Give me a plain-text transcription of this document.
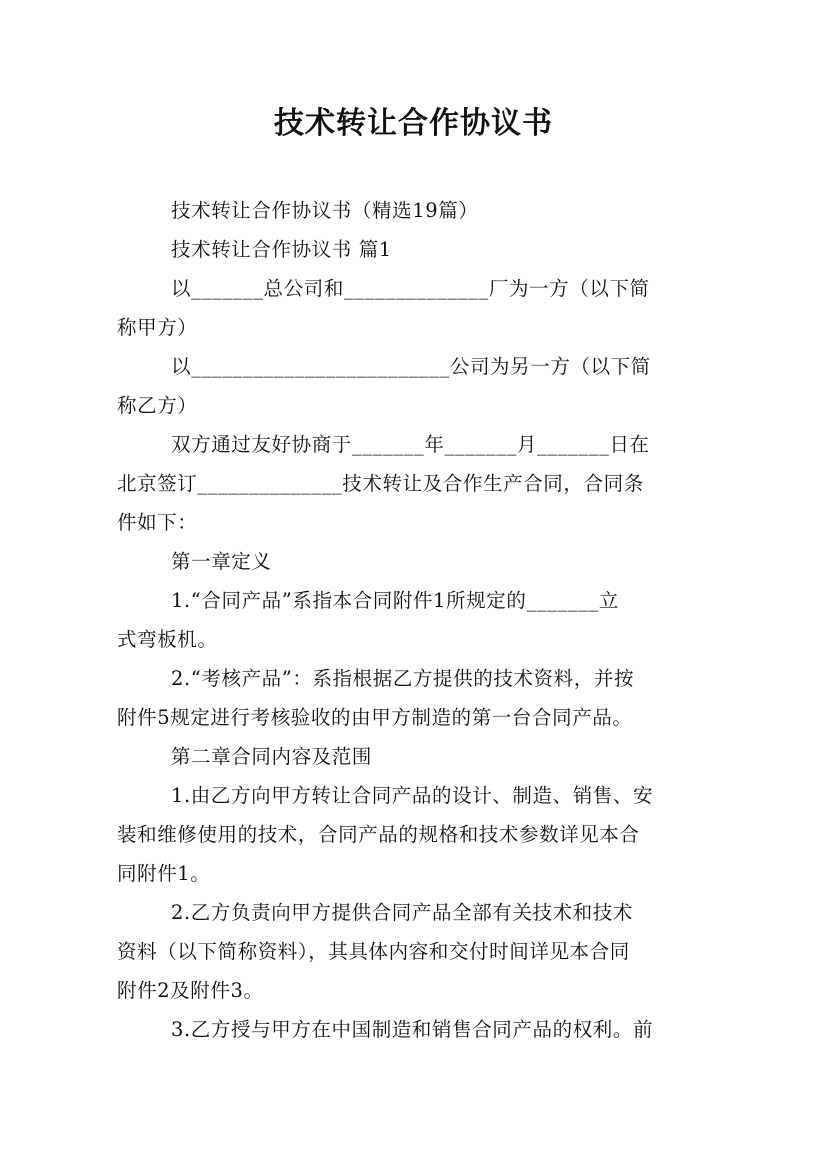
技术转让合作协议书
技术转让合作协议书（精选19篇）
技术转让合作协议书 篇1
以_______总公司和______________厂为一方（以下简
称甲方）
以_________________________公司为另一方（以下简
称乙方）
双方通过友好协商于_______年_______月_______日在
北京签订______________技术转让及合作生产合同，合同条
件如下：
第一章定义
1.“合同产品”系指本合同附件1所规定的_______立
式弯板机。
2.“考核产品”：系指根据乙方提供的技术资料，并按
附件5规定进行考核验收的由甲方制造的第一台合同产品。
第二章合同内容及范围
1.由乙方向甲方转让合同产品的设计、制造、销售、安
装和维修使用的技术，合同产品的规格和技术参数详见本合
同附件1。
2.乙方负责向甲方提供合同产品全部有关技术和技术
资料（以下简称资料），其具体内容和交付时间详见本合同
附件2及附件3。
3.乙方授与甲方在中国制造和销售合同产品的权利。前
